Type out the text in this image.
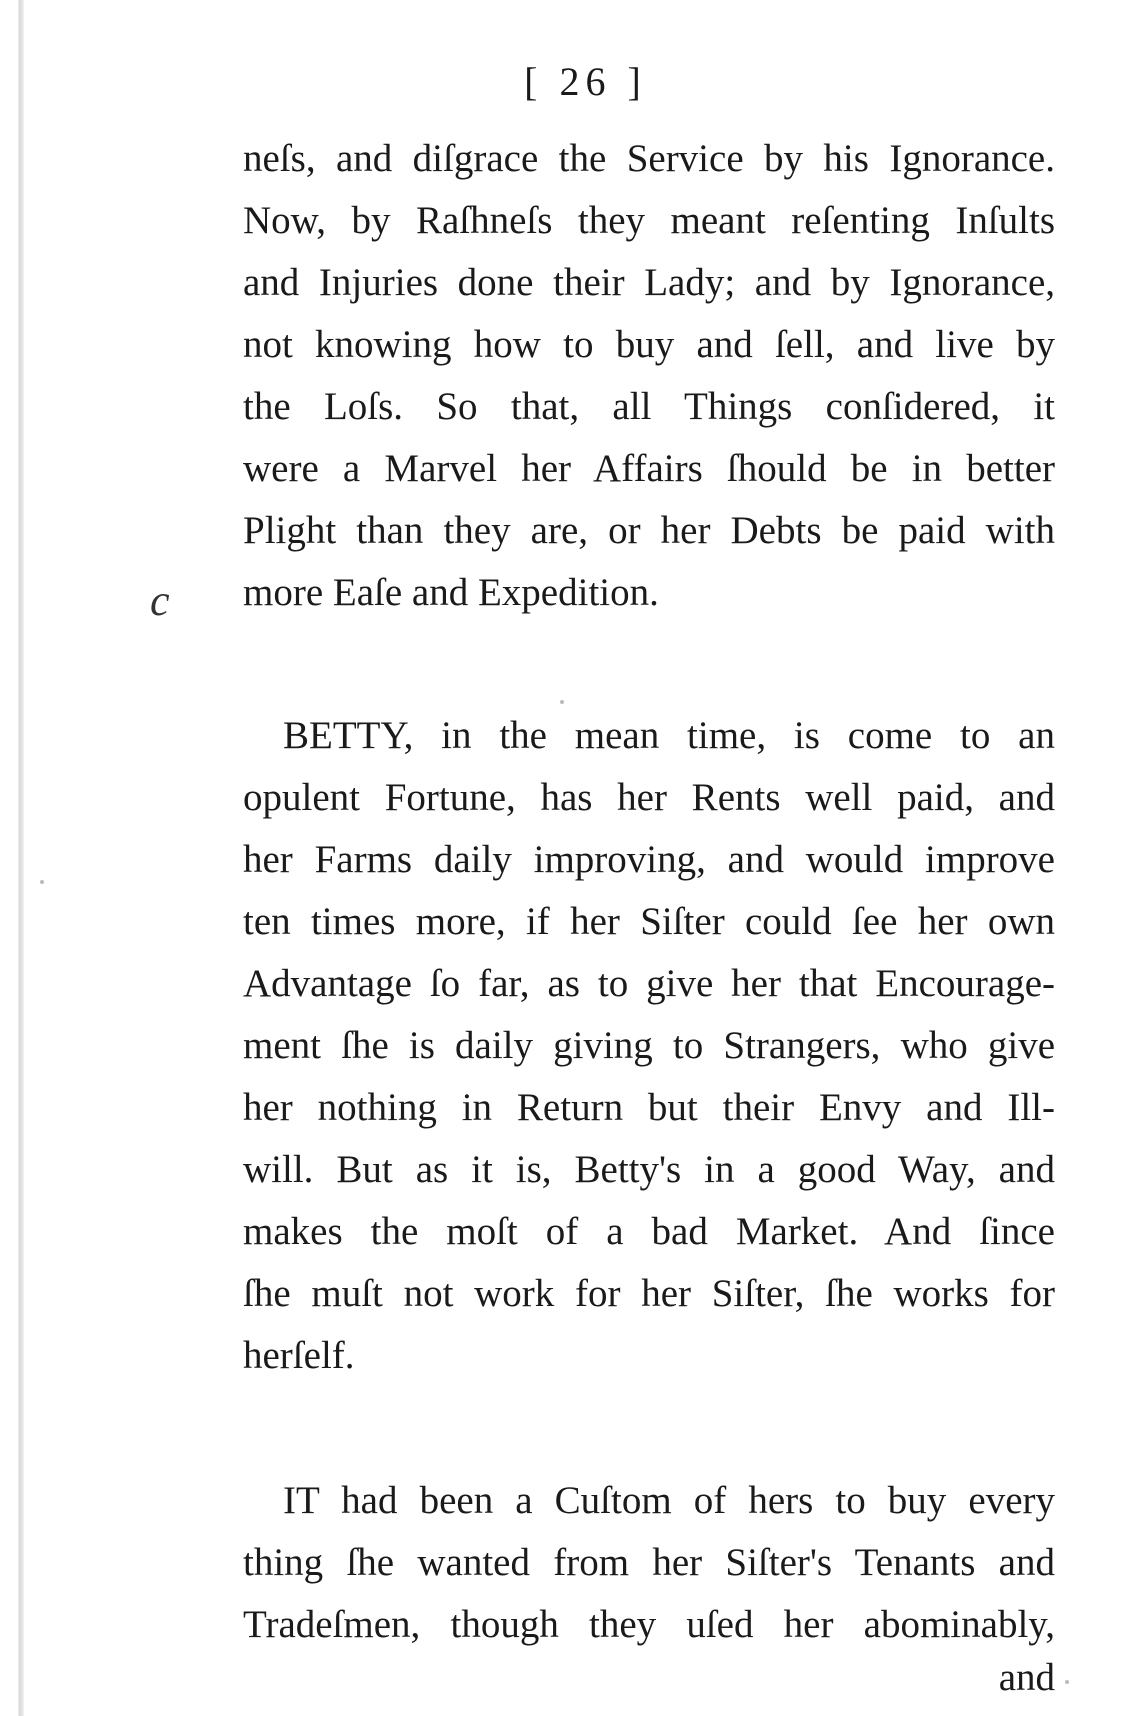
[ 26 ]
c
neſs, and diſgrace the Service by his Ignorance.
Now, by Raſhneſs they meant reſenting Inſults
and Injuries done their Lady; and by Ignorance,
not knowing how to buy and ſell, and live by
the Loſs. So that, all Things conſidered, it
were a Marvel her Affairs ſhould be in better
Plight than they are, or her Debts be paid with
more Eaſe and Expedition.
BETTY, in the mean time, is come to an
opulent Fortune, has her Rents well paid, and
her Farms daily improving, and would improve
ten times more, if her Siſter could ſee her own
Advantage ſo far, as to give her that Encourage-
ment ſhe is daily giving to Strangers, who give
her nothing in Return but their Envy and Ill-
will. But as it is, Betty's in a good Way, and
makes the moſt of a bad Market. And ſince
ſhe muſt not work for her Siſter, ſhe works for
herſelf.
IT had been a Cuſtom of hers to buy every
thing ſhe wanted from her Siſter's Tenants and
Tradeſmen, though they uſed her abominably,
and
